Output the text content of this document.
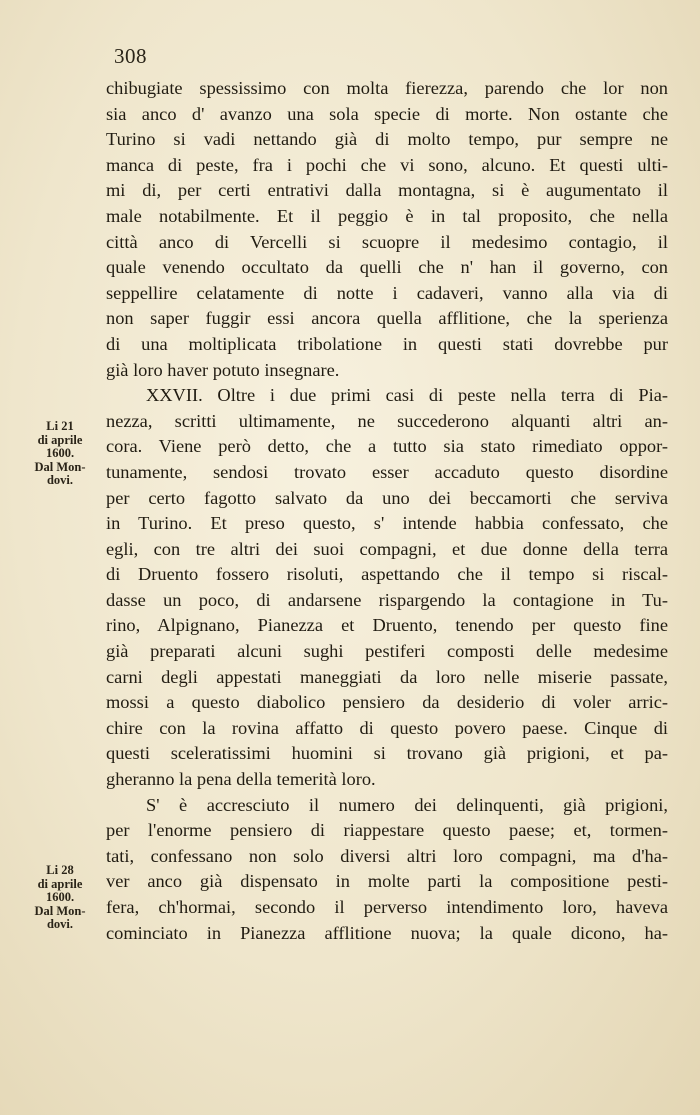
308
Li 21
di aprile
1600.
Dal Mon-
dovi.
Li 28
di aprile
1600.
Dal Mon-
dovi.
chibugiate spessissimo con molta fierezza, parendo che lor non
sia anco d' avanzo una sola specie di morte. Non ostante che
Turino si vadi nettando già di molto tempo, pur sempre ne
manca di peste, fra i pochi che vi sono, alcuno. Et questi ulti-
mi di, per certi entrativi dalla montagna, si è augumentato il
male notabilmente. Et il peggio è in tal proposito, che nella
città anco di Vercelli si scuopre il medesimo contagio, il
quale venendo occultato da quelli che n' han il governo, con
seppellire celatamente di notte i cadaveri, vanno alla via di
non saper fuggir essi ancora quella afflitione, che la sperienza
di una moltiplicata tribolatione in questi stati dovrebbe pur
già loro haver potuto insegnare.
XXVII. Oltre i due primi casi di peste nella terra di Pia-
nezza, scritti ultimamente, ne succederono alquanti altri an-
cora. Viene però detto, che a tutto sia stato rimediato oppor-
tunamente, sendosi trovato esser accaduto questo disordine
per certo fagotto salvato da uno dei beccamorti che serviva
in Turino. Et preso questo, s' intende habbia confessato, che
egli, con tre altri dei suoi compagni, et due donne della terra
di Druento fossero risoluti, aspettando che il tempo si riscal-
dasse un poco, di andarsene rispargendo la contagione in Tu-
rino, Alpignano, Pianezza et Druento, tenendo per questo fine
già preparati alcuni sughi pestiferi composti delle medesime
carni degli appestati maneggiati da loro nelle miserie passate,
mossi a questo diabolico pensiero da desiderio di voler arric-
chire con la rovina affatto di questo povero paese. Cinque di
questi sceleratissimi huomini si trovano già prigioni, et pa-
gheranno la pena della temerità loro.
S' è accresciuto il numero dei delinquenti, già prigioni,
per l'enorme pensiero di riappestare questo paese; et, tormen-
tati, confessano non solo diversi altri loro compagni, ma d'ha-
ver anco già dispensato in molte parti la compositione pesti-
fera, ch'hormai, secondo il perverso intendimento loro, haveva
cominciato in Pianezza afflitione nuova; la quale dicono, ha-
